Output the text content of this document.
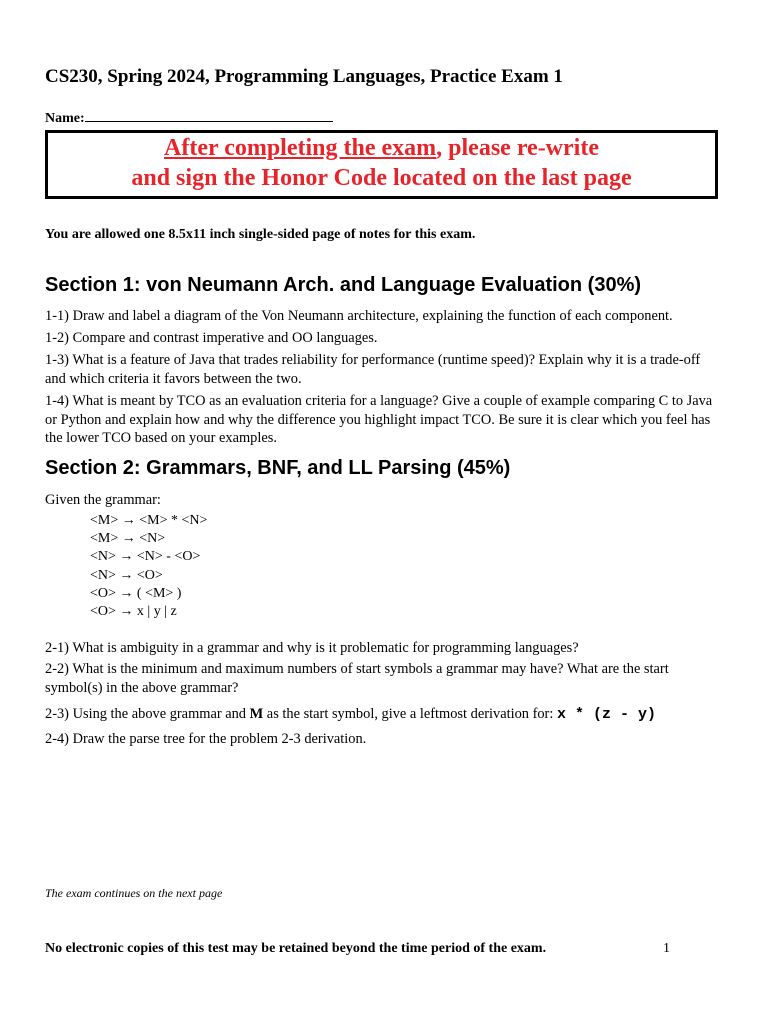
CS230, Spring 2024, Programming Languages, Practice Exam 1
Name:
After completing the exam, please re-write
and sign the Honor Code located on the last page
You are allowed one 8.5x11 inch single-sided page of notes for this exam.
Section 1: von Neumann Arch. and Language Evaluation (30%)
1-1) Draw and label a diagram of the Von Neumann architecture, explaining the function of each component.
1-2) Compare and contrast imperative and OO languages.
1-3) What is a feature of Java that trades reliability for performance (runtime speed)? Explain why it is a trade-off and which criteria it favors between the two.
1-4) What is meant by TCO as an evaluation criteria for a language? Give a couple of example comparing C to Java or Python and explain how and why the difference you highlight impact TCO. Be sure it is clear which you feel has the lower TCO based on your examples.
Section 2: Grammars, BNF, and LL Parsing (45%)
Given the grammar:
<M> → <M> * <N>
<M> → <N>
<N> → <N> - <O>
<N> → <O>
<O> → ( <M> )
<O> → x | y | z
2-1) What is ambiguity in a grammar and why is it problematic for programming languages?
2-2) What is the minimum and maximum numbers of start symbols a grammar may have? What are the start symbol(s) in the above grammar?
2-3) Using the above grammar and M as the start symbol, give a leftmost derivation for: x * (z - y)
2-4) Draw the parse tree for the problem 2-3 derivation.
The exam continues on the next page
No electronic copies of this test may be retained beyond the time period of the exam.	1
